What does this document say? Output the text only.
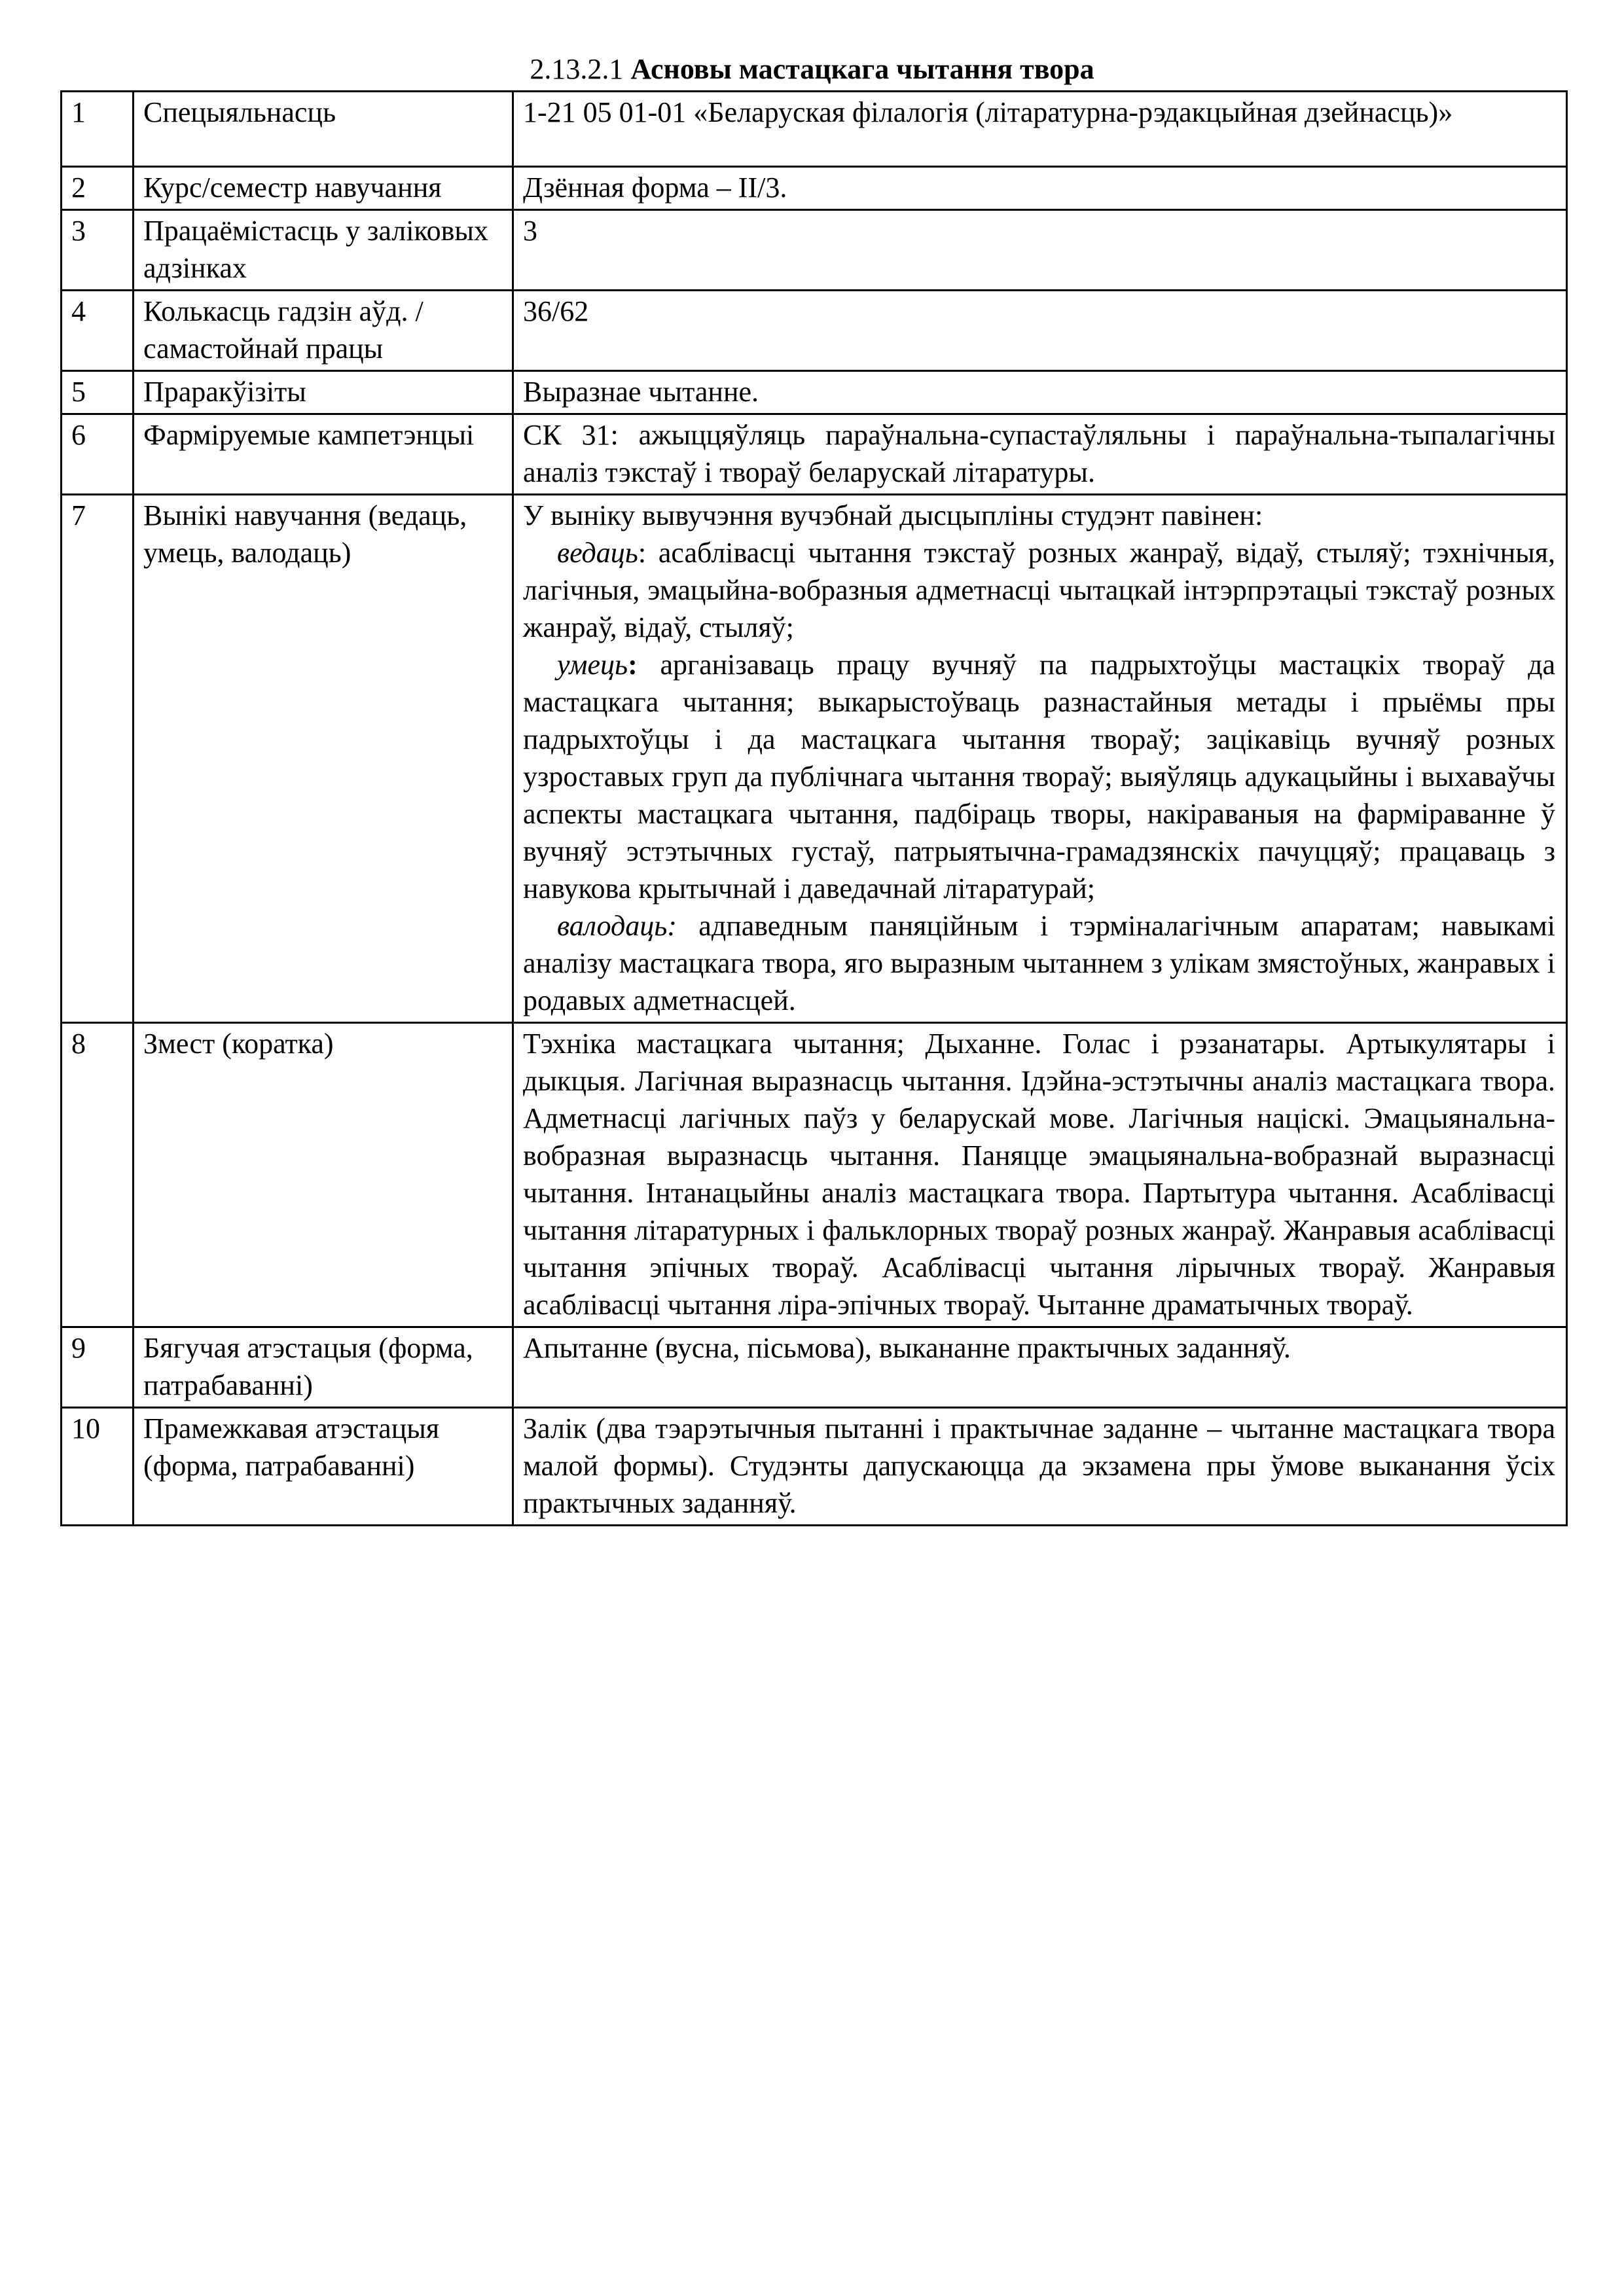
2.13.2.1 Асновы мастацкага чытання твора
1	Спецыяльнасць	1-21 05 01-01 «Беларуская філалогія (літаратурна-рэдакцыйная дзейнасць)»
2	Курс/семестр навучання	Дзённая форма – II/3.
3	Працаёмістасць у заліковых адзінках	3
4	Колькасць гадзін аўд. / самастойнай працы	36/62
5	Праракўізіты	Выразнае чытанне.
6	Фарміруемые кампетэнцыі	СК 31: ажыццяўляць параўнальна-супастаўляльны і параўнальна-тыпалагічны аналіз тэкстаў і твораў беларускай літаратуры.
7	Вынікі навучання (ведаць, умець, валодаць)	У выніку вывучэння вучэбнай дысцыпліны студэнт павінен:

ведаць: асаблівасці чытання тэкстаў розных жанраў, відаў, стыляў; тэхнічныя, лагічныя, эмацыйна-вобразныя адметнасці чытацкай інтэрпрэтацыі тэкстаў розных жанраў, відаў, стыляў;

умець: арганізаваць працу вучняў па падрыхтоўцы мастацкіх твораў да мастацкага чытання; выкарыстоўваць разнастайныя метады і прыёмы пры падрыхтоўцы і да мастацкага чытання твораў; зацікавіць вучняў розных узроставых груп да публічнага чытання твораў; выяўляць адукацыйны і выхаваўчы аспекты мастацкага чытання, падбіраць творы, накіраваныя на фарміраванне ў вучняў эстэтычных густаў, патрыятычна-грамадзянскіх пачуццяў; працаваць з навукова крытычнай і даведачнай літаратурай;

валодаць: адпаведным паняційным і тэрміналагічным апаратам; навыкамі аналізу мастацкага твора, яго выразным чытаннем з улікам змястоўных, жанравых і родавых адметнасцей.

8	Змест (коратка)	Тэхніка мастацкага чытання; Дыханне. Голас і рэзанатары. Артыкулятары і дыкцыя. Лагічная выразнасць чытання. Ідэйна-эстэтычны аналіз мастацкага твора. Адметнасці лагічных паўз у беларускай мове. Лагічныя націскі. Эмацыянальна-вобразная выразнасць чытання. Паняцце эмацыянальна-вобразнай выразнасці чытання. Інтанацыйны аналіз мастацкага твора. Партытура чытання. Асаблівасці чытання літаратурных і фальклорных твораў розных жанраў. Жанравыя асаблівасці чытання эпічных твораў. Асаблівасці чытання лірычных твораў. Жанравыя асаблівасці чытання ліра-эпічных твораў. Чытанне драматычных твораў.
9	Бягучая атэстацыя (форма, патрабаванні)	Апытанне (вусна, пісьмова), выкананне практычных заданняў.
10	Прамежкавая атэстацыя (форма, патрабаванні)	Залік (два тэарэтычныя пытанні і практычнае заданне – чытанне мастацкага твора малой формы). Студэнты дапускаюцца да экзамена пры ўмове выканання ўсіх практычных заданняў.
